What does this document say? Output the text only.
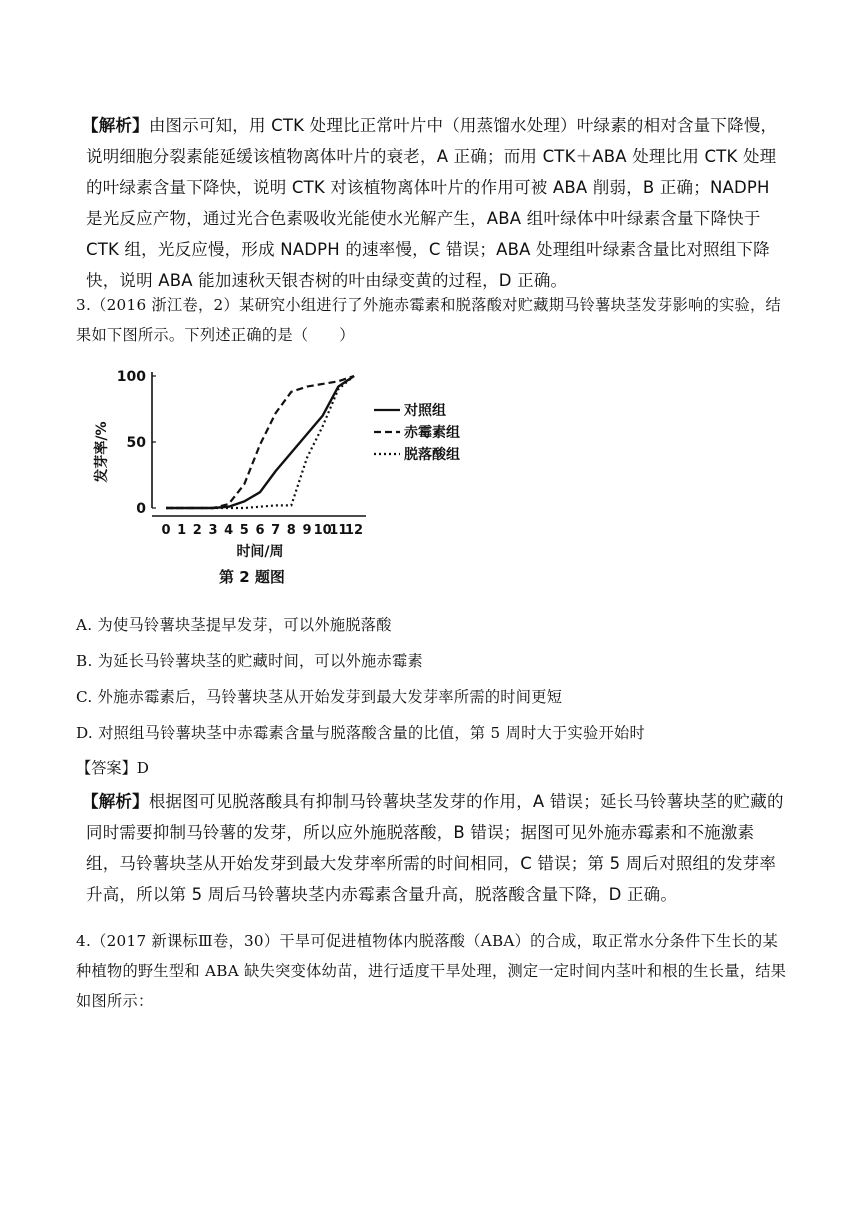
【解析】由图示可知，用 CTK 处理比正常叶片中（用蒸馏水处理）叶绿素的相对含量下降慢，说明细胞分裂素能延缓该植物离体叶片的衰老，A 正确；而用 CTK＋ABA 处理比用 CTK 处理的叶绿素含量下降快，说明 CTK 对该植物离体叶片的作用可被 ABA 削弱，B 正确；NADPH 是光反应产物，通过光合色素吸收光能使水光解产生，ABA 组叶绿体中叶绿素含量下降快于 CTK 组，光反应慢，形成 NADPH 的速率慢，C 错误；ABA 处理组叶绿素含量比对照组下降快，说明 ABA 能加速秋天银杏树的叶由绿变黄的过程，D 正确。
3.（2016 浙江卷，2）某研究小组进行了外施赤霉素和脱落酸对贮藏期马铃薯块茎发芽影响的实验，结果如下图所示。下列述正确的是（　　）
0
50
100
0 1 2 3 4 5 6 7 8 9 10
11
12
时间/周
发芽率/%
第 2 题图
对照组
赤霉素组
脱落酸组
A. 为使马铃薯块茎提早发芽，可以外施脱落酸
B. 为延长马铃薯块茎的贮藏时间，可以外施赤霉素
C. 外施赤霉素后，马铃薯块茎从开始发芽到最大发芽率所需的时间更短
D. 对照组马铃薯块茎中赤霉素含量与脱落酸含量的比值，第 5 周时大于实验开始时
【答案】D
【解析】根据图可见脱落酸具有抑制马铃薯块茎发芽的作用，A 错误；延长马铃薯块茎的贮藏的同时需要抑制马铃薯的发芽，所以应外施脱落酸，B 错误；据图可见外施赤霉素和不施激素组，马铃薯块茎从开始发芽到最大发芽率所需的时间相同，C 错误；第 5 周后对照组的发芽率升高，所以第 5 周后马铃薯块茎内赤霉素含量升高，脱落酸含量下降，D 正确。
4.（2017 新课标Ⅲ卷，30）干旱可促进植物体内脱落酸（ABA）的合成，取正常水分条件下生长的某种植物的野生型和 ABA 缺失突变体幼苗，进行适度干旱处理，测定一定时间内茎叶和根的生长量，结果如图所示：
